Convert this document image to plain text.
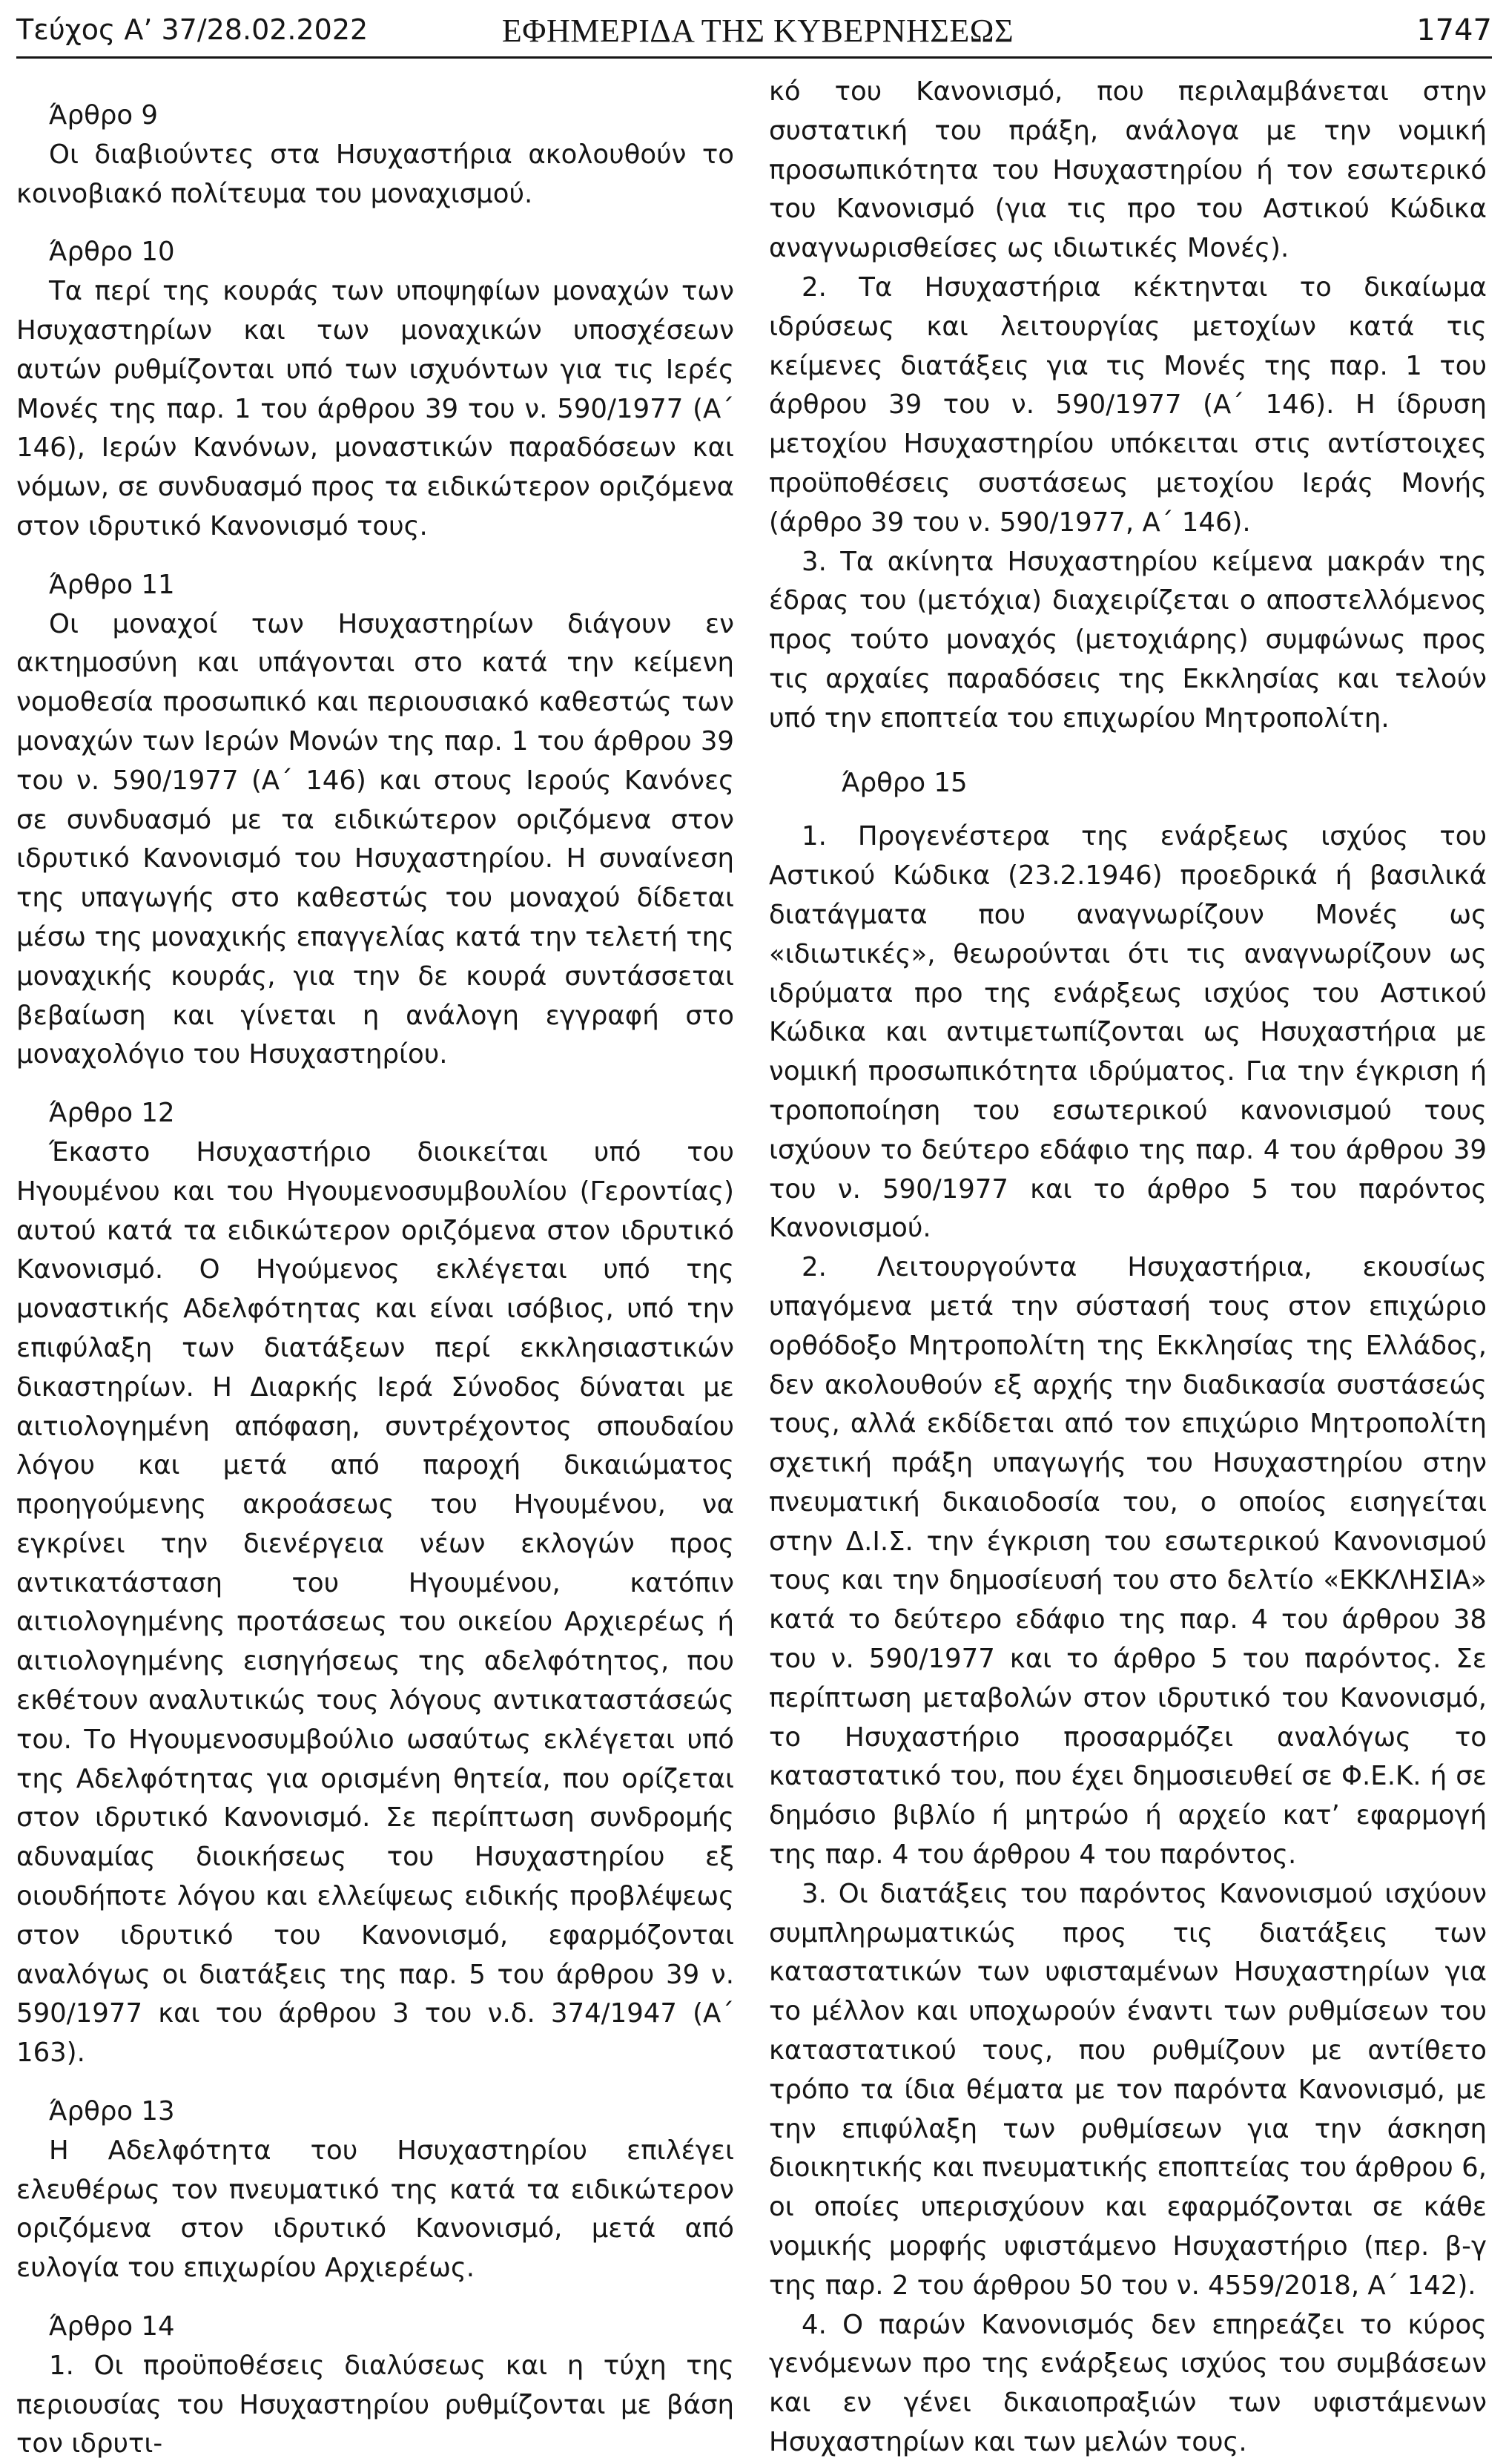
Τεύχος Α’ 37/28.02.2022	ΕΦΗΜΕΡΙΔΑ ΤΗΣ ΚΥΒΕΡΝΗΣΕΩΣ	1747

Άρθρο 9

Οι διαβιούντες στα Ησυχαστήρια ακολουθούν το κοινοβιακό πολίτευμα του μοναχισμού.

Άρθρο 10

Τα περί της κουράς των υποψηφίων μοναχών των Ησυχαστηρίων και των μοναχικών υποσχέσεων αυτών ρυθμίζονται υπό των ισχυόντων για τις Ιερές Μονές της παρ. 1 του άρθρου 39 του ν. 590/1977 (Α΄ 146), Ιερών Κανόνων, μοναστικών παραδόσεων και νόμων, σε συνδυασμό προς τα ειδικώτερον οριζόμενα στον ιδρυτικό Κανονισμό τους.

Άρθρο 11

Οι μοναχοί των Ησυχαστηρίων διάγουν εν ακτημοσύνη και υπάγονται στο κατά την κείμενη νομοθεσία προσωπικό και περιουσιακό καθεστώς των μοναχών των Ιερών Μονών της παρ. 1 του άρθρου 39 του ν. 590/1977 (Α΄ 146) και στους Ιερούς Κανόνες σε συνδυασμό με τα ειδικώτερον οριζόμενα στον ιδρυτικό Κανονισμό του Ησυχαστηρίου. Η συναίνεση της υπαγωγής στο καθεστώς του μοναχού δίδεται μέσω της μοναχικής επαγγελίας κατά την τελετή της μοναχικής κουράς, για την δε κουρά συντάσσεται βεβαίωση και γίνεται η ανάλογη εγγραφή στο μοναχολόγιο του Ησυχαστηρίου.

Άρθρο 12

Έκαστο Ησυχαστήριο διοικείται υπό του Ηγουμένου και του Ηγουμενοσυμβουλίου (Γεροντίας) αυτού κατά τα ειδικώτερον οριζόμενα στον ιδρυτικό Κανονισμό. Ο Ηγούμενος εκλέγεται υπό της μοναστικής Αδελφότητας και είναι ισόβιος, υπό την επιφύλαξη των διατάξεων περί εκκλησιαστικών δικαστηρίων. Η Διαρκής Ιερά Σύνοδος δύναται με αιτιολογημένη απόφαση, συντρέχοντος σπουδαίου λόγου και μετά από παροχή δικαιώματος προηγούμενης ακροάσεως του Ηγουμένου, να εγκρίνει την διενέργεια νέων εκλογών προς αντικατάσταση του Ηγουμένου, κατόπιν αιτιολογημένης προτάσεως του οικείου Αρχιερέως ή αιτιολογημένης εισηγήσεως της αδελφότητος, που εκθέτουν αναλυτικώς τους λόγους αντικαταστάσεώς του. Το Ηγουμενοσυμβούλιο ωσαύτως εκλέγεται υπό της Αδελφότητας για ορισμένη θητεία, που ορίζεται στον ιδρυτικό Κανονισμό. Σε περίπτωση συνδρομής αδυναμίας διοικήσεως του Ησυχαστηρίου εξ οιουδήποτε λόγου και ελλείψεως ειδικής προβλέψεως στον ιδρυτικό του Κανονισμό, εφαρμόζονται αναλόγως οι διατάξεις της παρ. 5 του άρθρου 39 ν. 590/1977 και του άρθρου 3 του ν.δ. 374/1947 (Α΄ 163).

Άρθρο 13

Η Αδελφότητα του Ησυχαστηρίου επιλέγει ελευθέρως τον πνευματικό της κατά τα ειδικώτερον οριζόμενα στον ιδρυτικό Κανονισμό, μετά από ευλογία του επιχωρίου Αρχιερέως.

Άρθρο 14

1. Οι προϋποθέσεις διαλύσεως και η τύχη της περιουσίας του Ησυχαστηρίου ρυθμίζονται με βάση τον ιδρυτι-

κό του Κανονισμό, που περιλαμβάνεται στην συστατική του πράξη, ανάλογα με την νομική προσωπικότητα του Ησυχαστηρίου ή τον εσωτερικό του Κανονισμό (για τις προ του Αστικού Κώδικα αναγνωρισθείσες ως ιδιωτικές Μονές).

2. Τα Ησυχαστήρια κέκτηνται το δικαίωμα ιδρύσεως και λειτουργίας μετοχίων κατά τις κείμενες διατάξεις για τις Μονές της παρ. 1 του άρθρου 39 του ν. 590/1977 (Α΄ 146). Η ίδρυση μετοχίου Ησυχαστηρίου υπόκειται στις αντίστοιχες προϋποθέσεις συστάσεως μετοχίου Ιεράς Μονής (άρθρο 39 του ν. 590/1977, Α΄ 146).

3. Τα ακίνητα Ησυχαστηρίου κείμενα μακράν της έδρας του (μετόχια) διαχειρίζεται ο αποστελλόμενος προς τούτο μοναχός (μετοχιάρης) συμφώνως προς τις αρχαίες παραδόσεις της Εκκλησίας και τελούν υπό την εποπτεία του επιχωρίου Μητροπολίτη.

Άρθρο 15

1. Προγενέστερα της ενάρξεως ισχύος του Αστικού Κώδικα (23.2.1946) προεδρικά ή βασιλικά διατάγματα που αναγνωρίζουν Μονές ως «ιδιωτικές», θεωρούνται ότι τις αναγνωρίζουν ως ιδρύματα προ της ενάρξεως ισχύος του Αστικού Κώδικα και αντιμετωπίζονται ως Ησυχαστήρια με νομική προσωπικότητα ιδρύματος. Για την έγκριση ή τροποποίηση του εσωτερικού κανονισμού τους ισχύουν το δεύτερο εδάφιο της παρ. 4 του άρθρου 39 του ν. 590/1977 και το άρθρο 5 του παρόντος Κανονισμού.

2. Λειτουργούντα Ησυχαστήρια, εκουσίως υπαγόμενα μετά την σύστασή τους στον επιχώριο ορθόδοξο Μητροπολίτη της Εκκλησίας της Ελλάδος, δεν ακολουθούν εξ αρχής την διαδικασία συστάσεώς τους, αλλά εκδίδεται από τον επιχώριο Μητροπολίτη σχετική πράξη υπαγωγής του Ησυχαστηρίου στην πνευματική δικαιοδοσία του, ο οποίος εισηγείται στην Δ.Ι.Σ. την έγκριση του εσωτερικού Κανονισμού τους και την δημοσίευσή του στο δελτίο «ΕΚΚΛΗΣΙΑ» κατά το δεύτερο εδάφιο της παρ. 4 του άρθρου 38 του ν. 590/1977 και το άρθρο 5 του παρόντος. Σε περίπτωση μεταβολών στον ιδρυτικό του Κανονισμό, το Ησυχαστήριο προσαρμόζει αναλόγως το καταστατικό του, που έχει δημοσιευθεί σε Φ.Ε.Κ. ή σε δημόσιο βιβλίο ή μητρώο ή αρχείο κατ’ εφαρμογή της παρ. 4 του άρθρου 4 του παρόντος.

3. Οι διατάξεις του παρόντος Κανονισμού ισχύουν συμπληρωματικώς προς τις διατάξεις των καταστατικών των υφισταμένων Ησυχαστηρίων για το μέλλον και υποχωρούν έναντι των ρυθμίσεων του καταστατικού τους, που ρυθμίζουν με αντίθετο τρόπο τα ίδια θέματα με τον παρόντα Κανονισμό, με την επιφύλαξη των ρυθμίσεων για την άσκηση διοικητικής και πνευματικής εποπτείας του άρθρου 6, οι οποίες υπερισχύουν και εφαρμόζονται σε κάθε νομικής μορφής υφιστάμενο Ησυχαστήριο (περ. β-γ της παρ. 2 του άρθρου 50 του ν. 4559/2018, Α΄ 142).

4. Ο παρών Κανονισμός δεν επηρεάζει το κύρος γενόμενων προ της ενάρξεως ισχύος του συμβάσεων και εν γένει δικαιοπραξιών των υφιστάμενων Ησυχαστηρίων και των μελών τους.
